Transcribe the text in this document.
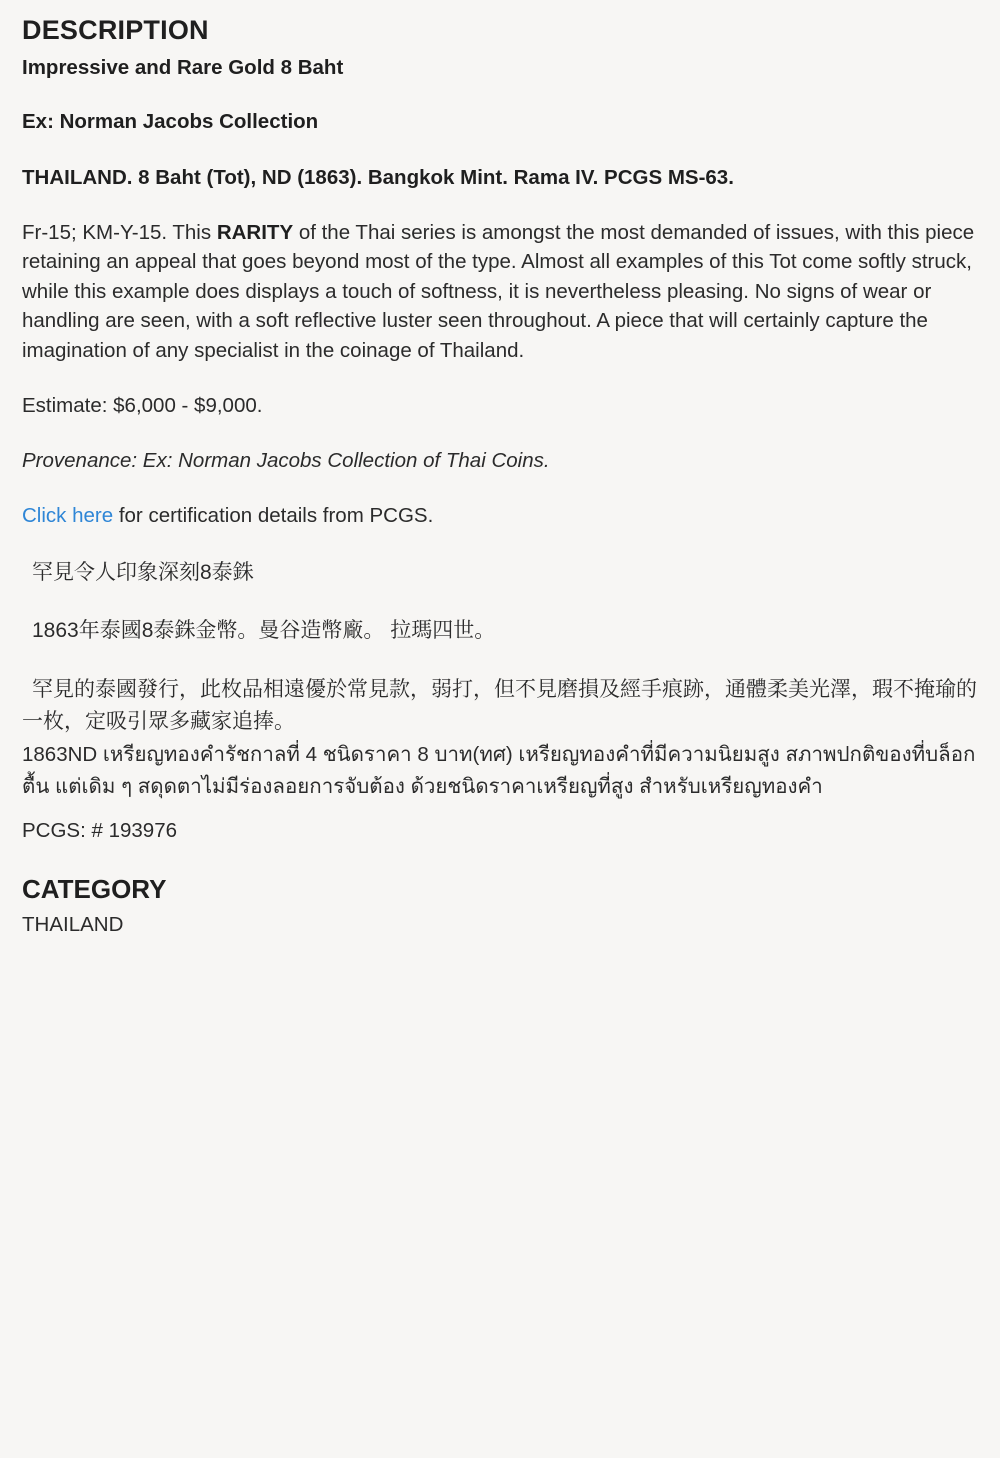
DESCRIPTION

Impressive and Rare Gold 8 Baht

Ex: Norman Jacobs Collection

THAILAND. 8 Baht (Tot), ND (1863). Bangkok Mint. Rama IV. PCGS MS-63.

Fr-15; KM-Y-15. This RARITY of the Thai series is amongst the most demanded of issues, with this piece retaining an appeal that goes beyond most of the type. Almost all examples of this Tot come softly struck, while this example does displays a touch of softness, it is nevertheless pleasing. No signs of wear or handling are seen, with a soft reflective luster seen throughout. A piece that will certainly capture the imagination of any specialist in the coinage of Thailand.

Estimate: $6,000 - $9,000.

Provenance: Ex: Norman Jacobs Collection of Thai Coins.

Click here for certification details from PCGS.

罕見令人印象深刻8泰銖

1863年泰國8泰銖金幣。曼谷造幣廠。 拉瑪四世。

罕見的泰國發行，此枚品相遠優於常見款，弱打，但不見磨損及經手痕跡，通體柔美光澤，瑕不掩瑜的一枚，定吸引眾多藏家追捧。

1863ND เหรียญทองคำรัชกาลที่ 4 ชนิดราคา 8 บาท(ทศ) เหรียญทองคำที่มีความนิยมสูง สภาพปกติของที่บล็อกตื้น แต่เดิม ๆ สดุดตาไม่มีร่องลอยการจับต้อง ด้วยชนิดราคาเหรียญที่สูง สำหรับเหรียญทองคำ

PCGS: # 193976

CATEGORY

THAILAND
